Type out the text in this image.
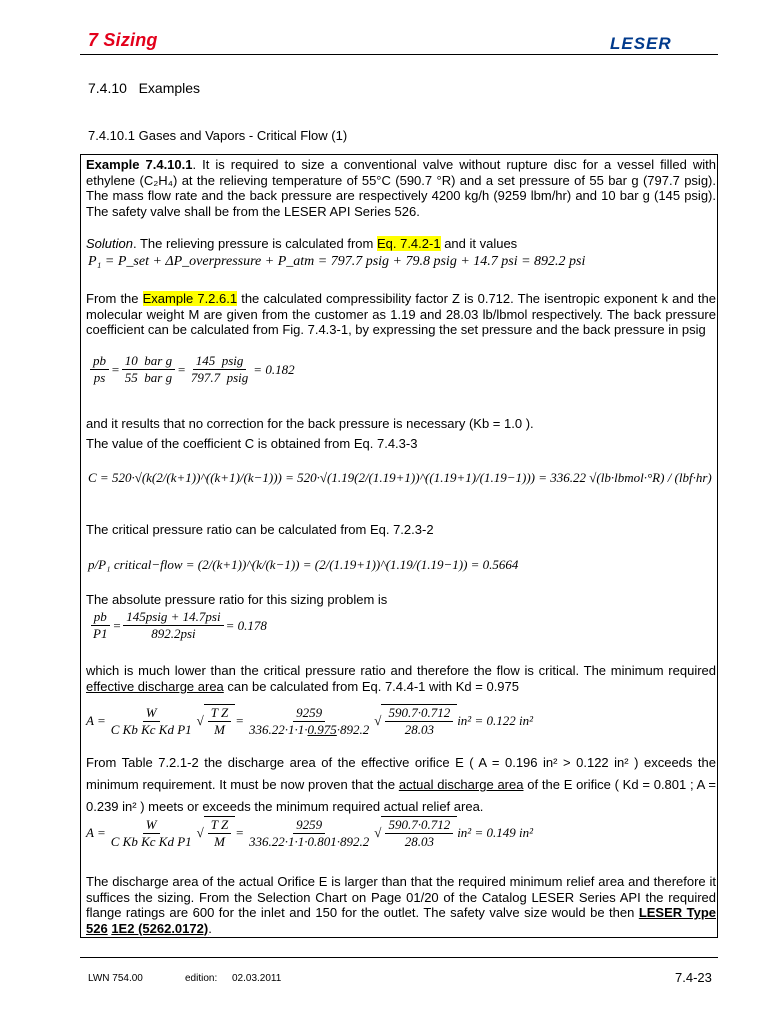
7 Sizing	LESER
7.4.10   Examples
7.4.10.1 Gases and Vapors - Critical Flow (1)
Example 7.4.10.1. It is required to size a conventional valve without rupture disc for a vessel filled with ethylene (C₂H₄) at the relieving temperature of 55°C (590.7 °R) and a set pressure of 55 bar g (797.7 psig). The mass flow rate and the back pressure are respectively 4200 kg/h (9259 lbm/hr) and 10 bar g (145 psig). The safety valve shall be from the LESER API Series 526.
Solution. The relieving pressure is calculated from Eq. 7.4.2-1 and it values
P₁ = P_set + ΔP_overpressure + P_atm = 797.7 psig + 79.8 psig + 14.7 psi = 892.2 psi
From the Example 7.2.6.1 the calculated compressibility factor Z is 0.712. The isentropic exponent k and the molecular weight M are given from the customer as 1.19 and 28.03 lb/lbmol respectively. The back pressure coefficient can be calculated from Fig. 7.4.3-1, by expressing the set pressure and the back pressure in psig
$\frac{pb}{ps} = \frac{\text{10  bar g}}{\text{55  bar g}} = \frac{\text{145  psig}}{\text{797.7  psig}} = 0.182$
and it results that no correction for the back pressure is necessary (Kb = 1.0 ).
The value of the coefficient C is obtained from Eq. 7.4.3-3
C = 520·√(k(2/(k+1))^((k+1)/(k−1))) = 520·√(1.19(2/(1.19+1))^((1.19+1)/(1.19−1))) = 336.22 √(lb·lbmol·°R) / (lbf·hr)
The critical pressure ratio can be calculated from Eq. 7.2.3-2
p/P₁ critical−flow = (2/(k+1))^(k/(k−1)) = (2/(1.19+1))^(1.19/(1.19−1)) = 0.5664
The absolute pressure ratio for this sizing problem is
$\frac{pb}{P1} = \frac{\text{145psig + 14.7psi}}{\text{892.2psi}} = 0.178$
which is much lower than the critical pressure ratio and therefore the flow is critical. The minimum required effective discharge area can be calculated from Eq. 7.4.4-1 with Kd = 0.975
$A = \frac{W}{\text{C Kb Kc Kd P1}}$ √ $\frac{\text{T Z}}{M} = \frac{9259}{336.22\cdot 1\cdot 1\cdot 0.975\cdot 892.2}$ √ $\frac{590.7\cdot 0.712}{28.03} in^2 = 0.122$ in²
From Table 7.2.1-2 the discharge area of the effective orifice E ( A = 0.196 in² > 0.122 in² ) exceeds the minimum requirement. It must be now proven that the actual discharge area of the E orifice ( Kd = 0.801 ; A = 0.239 in² ) meets or exceeds the minimum required actual relief area.
$A = \frac{W}{\text{C Kb Kc Kd P1}}$ √ $\frac{\text{T Z}}{M} = \frac{9259}{336.22\cdot 1\cdot 1\cdot 0.801\cdot 892.2}$ √ $\frac{590.7\cdot 0.712}{28.03} in^2 = 0.149$ in²
The discharge area of the actual Orifice E is larger than that the required minimum relief area and therefore it suffices the sizing. From the Selection Chart on Page 01/20 of the Catalog LESER Series API the required flange ratings are 600 for the inlet and 150 for the outlet. The safety valve size would be then LESER Type 526 1E2 (5262.0172).
LWN 754.00	edition: 02.03.2011	7.4-23
